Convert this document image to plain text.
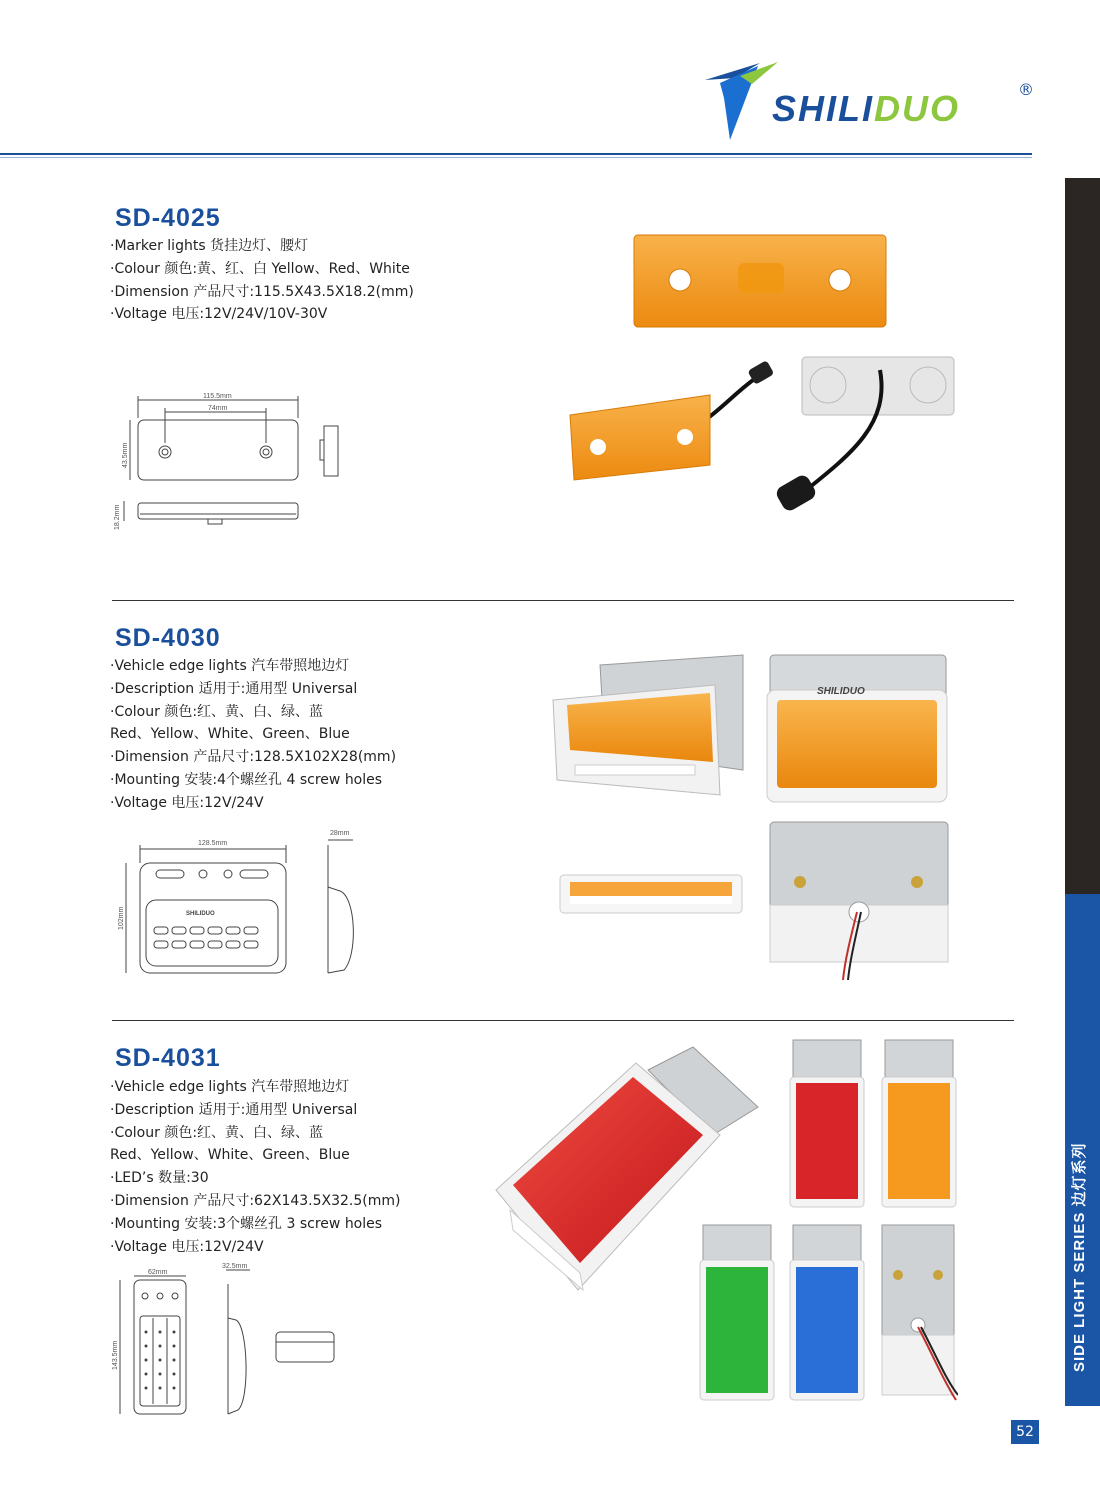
SHILIDUO	®
SIDE LIGHT SERIES 边灯系列
52
SD-4025
·Marker lights 货挂边灯、腰灯
·Colour 颜色:黄、红、白 Yellow、Red、White
·Dimension 产品尺寸:115.5X43.5X18.2(mm)
·Voltage 电压:12V/24V/10V-30V
115.5mm
74mm
43.5mm
18.2mm
SD-4030
·Vehicle edge lights 汽车带照地边灯
·Description 适用于:通用型 Universal
·Colour 颜色:红、黄、白、绿、蓝
Red、Yellow、White、Green、Blue
·Dimension 产品尺寸:128.5X102X28(mm)
·Mounting 安装:4个螺丝孔 4 screw holes
·Voltage 电压:12V/24V
128.5mm
102mm
28mm
SHILIDUO
SHILIDUO
SD-4031
·Vehicle edge lights 汽车带照地边灯
·Description 适用于:通用型 Universal
·Colour 颜色:红、黄、白、绿、蓝
Red、Yellow、White、Green、Blue
·LED’s 数量:30
·Dimension 产品尺寸:62X143.5X32.5(mm)
·Mounting 安装:3个螺丝孔 3 screw holes
·Voltage 电压:12V/24V
62mm
143.5mm
32.5mm
